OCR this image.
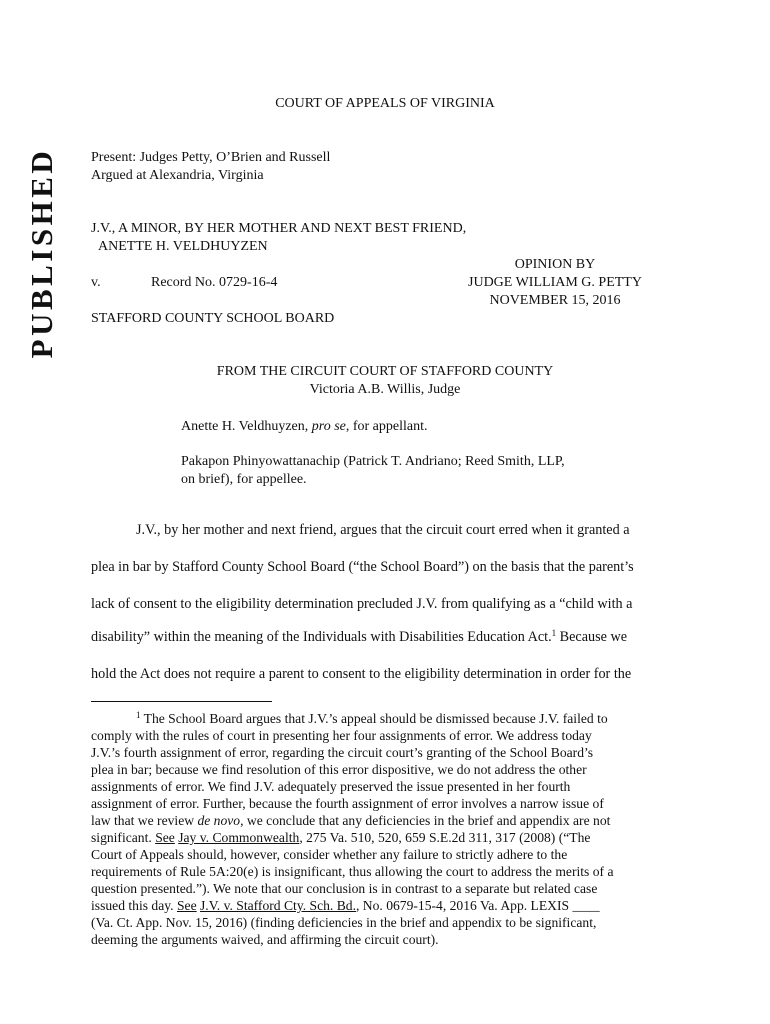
PUBLISHED
COURT OF APPEALS OF VIRGINIA
Present: Judges Petty, O’Brien and Russell
Argued at Alexandria, Virginia
J.V., A MINOR, BY HER MOTHER AND NEXT BEST FRIEND,
ANETTE H. VELDHUYZEN
OPINION BY
v.	Record No. 0729-16-4	JUDGE WILLIAM G. PETTY
NOVEMBER 15, 2016
STAFFORD COUNTY SCHOOL BOARD
FROM THE CIRCUIT COURT OF STAFFORD COUNTY
Victoria A.B. Willis, Judge
Anette H. Veldhuyzen, pro se, for appellant.
Pakapon Phinyowattanachip (Patrick T. Andriano; Reed Smith, LLP,
on brief), for appellee.
J.V., by her mother and next friend, argues that the circuit court erred when it granted a
plea in bar by Stafford County School Board (“the School Board”) on the basis that the parent’s
lack of consent to the eligibility determination precluded J.V. from qualifying as a “child with a
disability” within the meaning of the Individuals with Disabilities Education Act.$^1$ Because we
hold the Act does not require a parent to consent to the eligibility determination in order for the
$^1$ The School Board argues that J.V.’s appeal should be dismissed because J.V. failed to
comply with the rules of court in presenting her four assignments of error. We address today
J.V.’s fourth assignment of error, regarding the circuit court’s granting of the School Board’s
plea in bar; because we find resolution of this error dispositive, we do not address the other
assignments of error. We find J.V. adequately preserved the issue presented in her fourth
assignment of error. Further, because the fourth assignment of error involves a narrow issue of
law that we review de novo, we conclude that any deficiencies in the brief and appendix are not
significant. See Jay v. Commonwealth, 275 Va. 510, 520, 659 S.E.2d 311, 317 (2008) (“The
Court of Appeals should, however, consider whether any failure to strictly adhere to the
requirements of Rule 5A:20(e) is insignificant, thus allowing the court to address the merits of a
question presented.”). We note that our conclusion is in contrast to a separate but related case
issued this day. See J.V. v. Stafford Cty. Sch. Bd., No. 0679-15-4, 2016 Va. App. LEXIS ____
(Va. Ct. App. Nov. 15, 2016) (finding deficiencies in the brief and appendix to be significant,
deeming the arguments waived, and affirming the circuit court).
